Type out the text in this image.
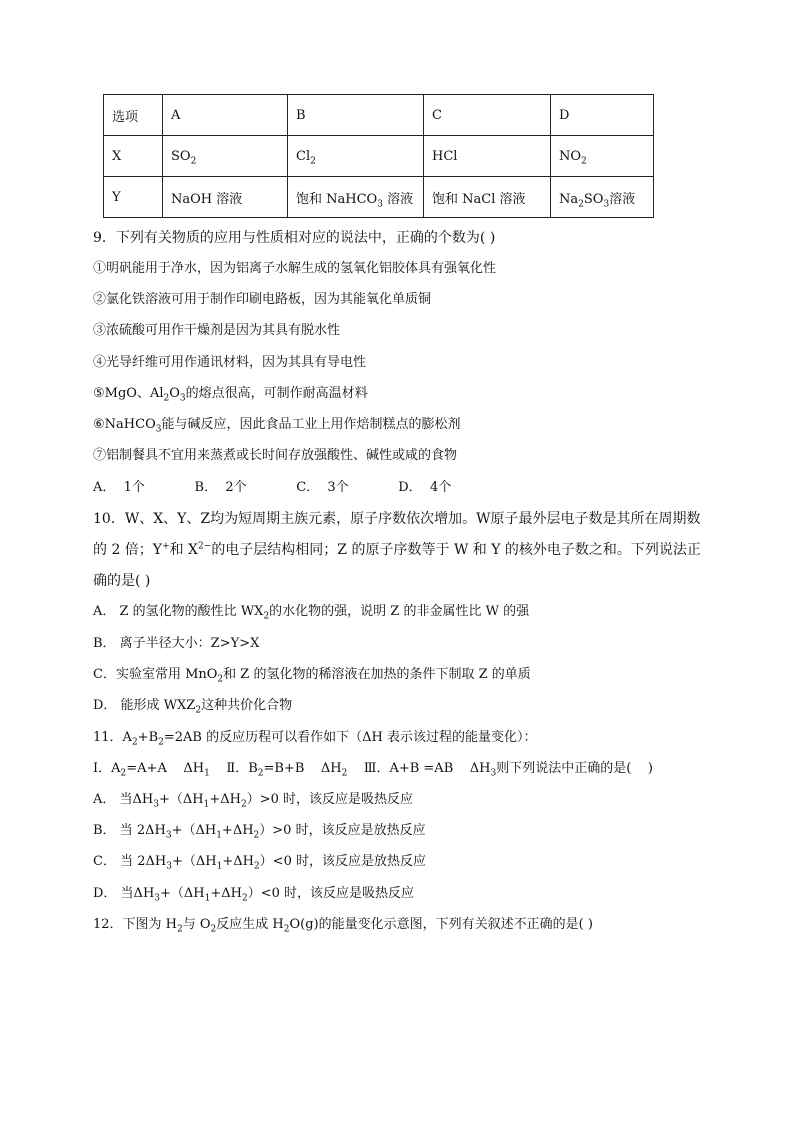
选项	A	B	C	D
X	$SO_2$	$Cl_2$	HCl	$NO_2$
Y	NaOH 溶液	饱和 NaHCO$_3$ 溶液	饱和 NaCl 溶液	$Na_2SO_3$溶液
9．下列有关物质的应用与性质相对应的说法中，正确的个数为( )
①明矾能用于净水，因为铝离子水解生成的氢氧化铝胶体具有强氧化性
②氯化铁溶液可用于制作印刷电路板，因为其能氧化单质铜
③浓硫酸可用作干燥剂是因为其具有脱水性
④光导纤维可用作通讯材料，因为其具有导电性
⑤MgO、$Al_2O_3$的熔点很高，可制作耐高温材料
⑥NaHCO$_3$能与碱反应，因此食品工业上用作焙制糕点的膨松剂
⑦铝制餐具不宜用来蒸煮或长时间存放强酸性、碱性或咸的食物
A．  1个            B．  2个            C．  3个            D．  4个
10．W、X、Y、Z均为短周期主族元素，原子序数依次增加。W原子最外层电子数是其所在周期数
的 2 倍；Y+和 $X^{2-}$的电子层结构相同；Z 的原子序数等于 W 和 Y 的核外电子数之和。下列说法正
确的是( )
A． Z 的氢化物的酸性比 $WX_2$的水化物的强，说明 Z 的非金属性比 W 的强
B． 离子半径大小：Z>Y>X
C．实验室常用 MnO$_2$和 Z 的氢化物的稀溶液在加热的条件下制取 Z 的单质
D． 能形成 $WXZ_2$这种共价化合物
11．$A_2+B_2=2AB$ 的反应历程可以看作如下（ΔH 表示该过程的能量变化）：
Ⅰ．$A_2=A+A$    $\Delta H_1$    Ⅱ．$B_2=B+B$    $\Delta H_2$    Ⅲ．A+B =AB    $\Delta H_3$则下列说法中正确的是(    )
A． 当$\Delta H_3+(\Delta H_1+\Delta H_2)>0$ 时，该反应是吸热反应
B． 当 $2\Delta H_3+(\Delta H_1+\Delta H_2)>0$ 时，该反应是放热反应
C． 当 $2\Delta H_3+(\Delta H_1+\Delta H_2)<0$ 时，该反应是放热反应
D． 当$\Delta H_3+(\Delta H_1+\Delta H_2)<0$ 时，该反应是吸热反应
12．下图为 $H_2$与 $O_2$反应生成 $H_2O(g)$的能量变化示意图，下列有关叙述不正确的是( )
